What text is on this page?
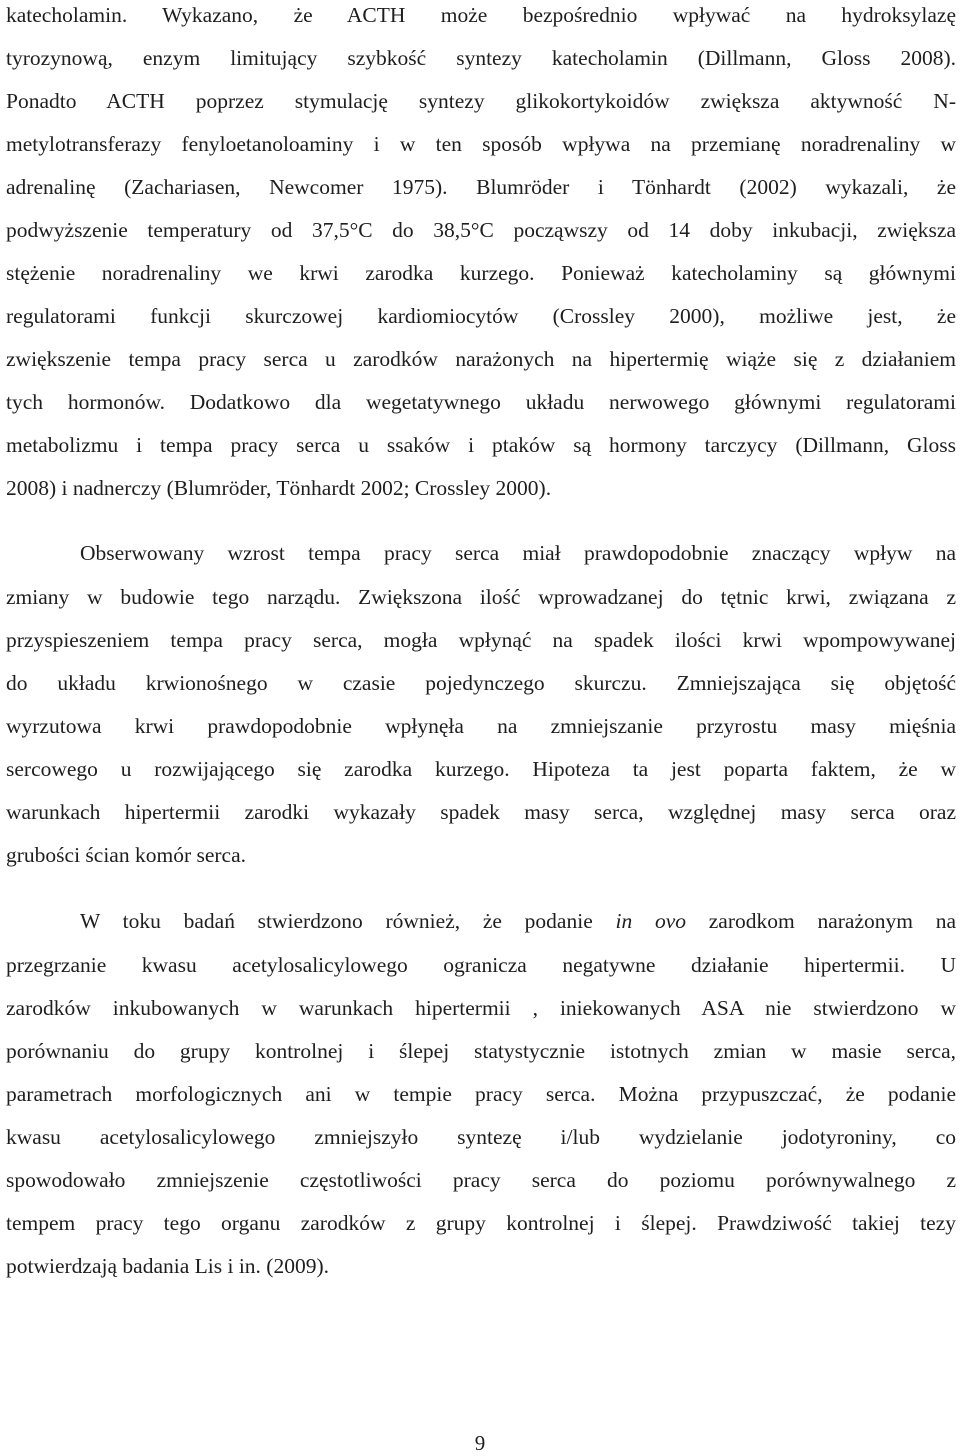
katecholamin. Wykazano, że ACTH może bezpośrednio wpływać na hydroksylazę
tyrozynową, enzym limitujący szybkość syntezy katecholamin (Dillmann, Gloss 2008).
Ponadto ACTH poprzez stymulację syntezy glikokortykoidów zwiększa aktywność N-
metylotransferazy fenyloetanoloaminy i w ten sposób wpływa na przemianę noradrenaliny w
adrenalinę (Zachariasen, Newcomer 1975). Blumröder i Tönhardt (2002) wykazali, że
podwyższenie temperatury od 37,5°C do 38,5°C począwszy od 14 doby inkubacji, zwiększa
stężenie noradrenaliny we krwi zarodka kurzego. Ponieważ katecholaminy są głównymi
regulatorami funkcji skurczowej kardiomiocytów (Crossley 2000), możliwe jest, że
zwiększenie tempa pracy serca u zarodków narażonych na hipertermię wiąże się z działaniem
tych hormonów. Dodatkowo dla wegetatywnego układu nerwowego głównymi regulatorami
metabolizmu i tempa pracy serca u ssaków i ptaków są hormony tarczycy (Dillmann, Gloss
2008) i nadnerczy (Blumröder, Tönhardt 2002; Crossley 2000).
Obserwowany wzrost tempa pracy serca miał prawdopodobnie znaczący wpływ na
zmiany w budowie tego narządu. Zwiększona ilość wprowadzanej do tętnic krwi, związana z
przyspieszeniem tempa pracy serca, mogła wpłynąć na spadek ilości krwi wpompowywanej
do układu krwionośnego w czasie pojedynczego skurczu. Zmniejszająca się objętość
wyrzutowa krwi prawdopodobnie wpłynęła na zmniejszanie przyrostu masy mięśnia
sercowego u rozwijającego się zarodka kurzego. Hipoteza ta jest poparta faktem, że w
warunkach hipertermii zarodki wykazały spadek masy serca, względnej masy serca oraz
grubości ścian komór serca.
W toku badań stwierdzono również, że podanie in ovo zarodkom narażonym na
przegrzanie kwasu acetylosalicylowego ogranicza negatywne działanie hipertermii. U
zarodków inkubowanych w warunkach hipertermii , iniekowanych ASA nie stwierdzono w
porównaniu do grupy kontrolnej i ślepej statystycznie istotnych zmian w masie serca,
parametrach morfologicznych ani w tempie pracy serca. Można przypuszczać, że podanie
kwasu acetylosalicylowego zmniejszyło syntezę i/lub wydzielanie jodotyroniny, co
spowodowało zmniejszenie częstotliwości pracy serca do poziomu porównywalnego z
tempem pracy tego organu zarodków z grupy kontrolnej i ślepej. Prawdziwość takiej tezy
potwierdzają badania Lis i in. (2009).
9
